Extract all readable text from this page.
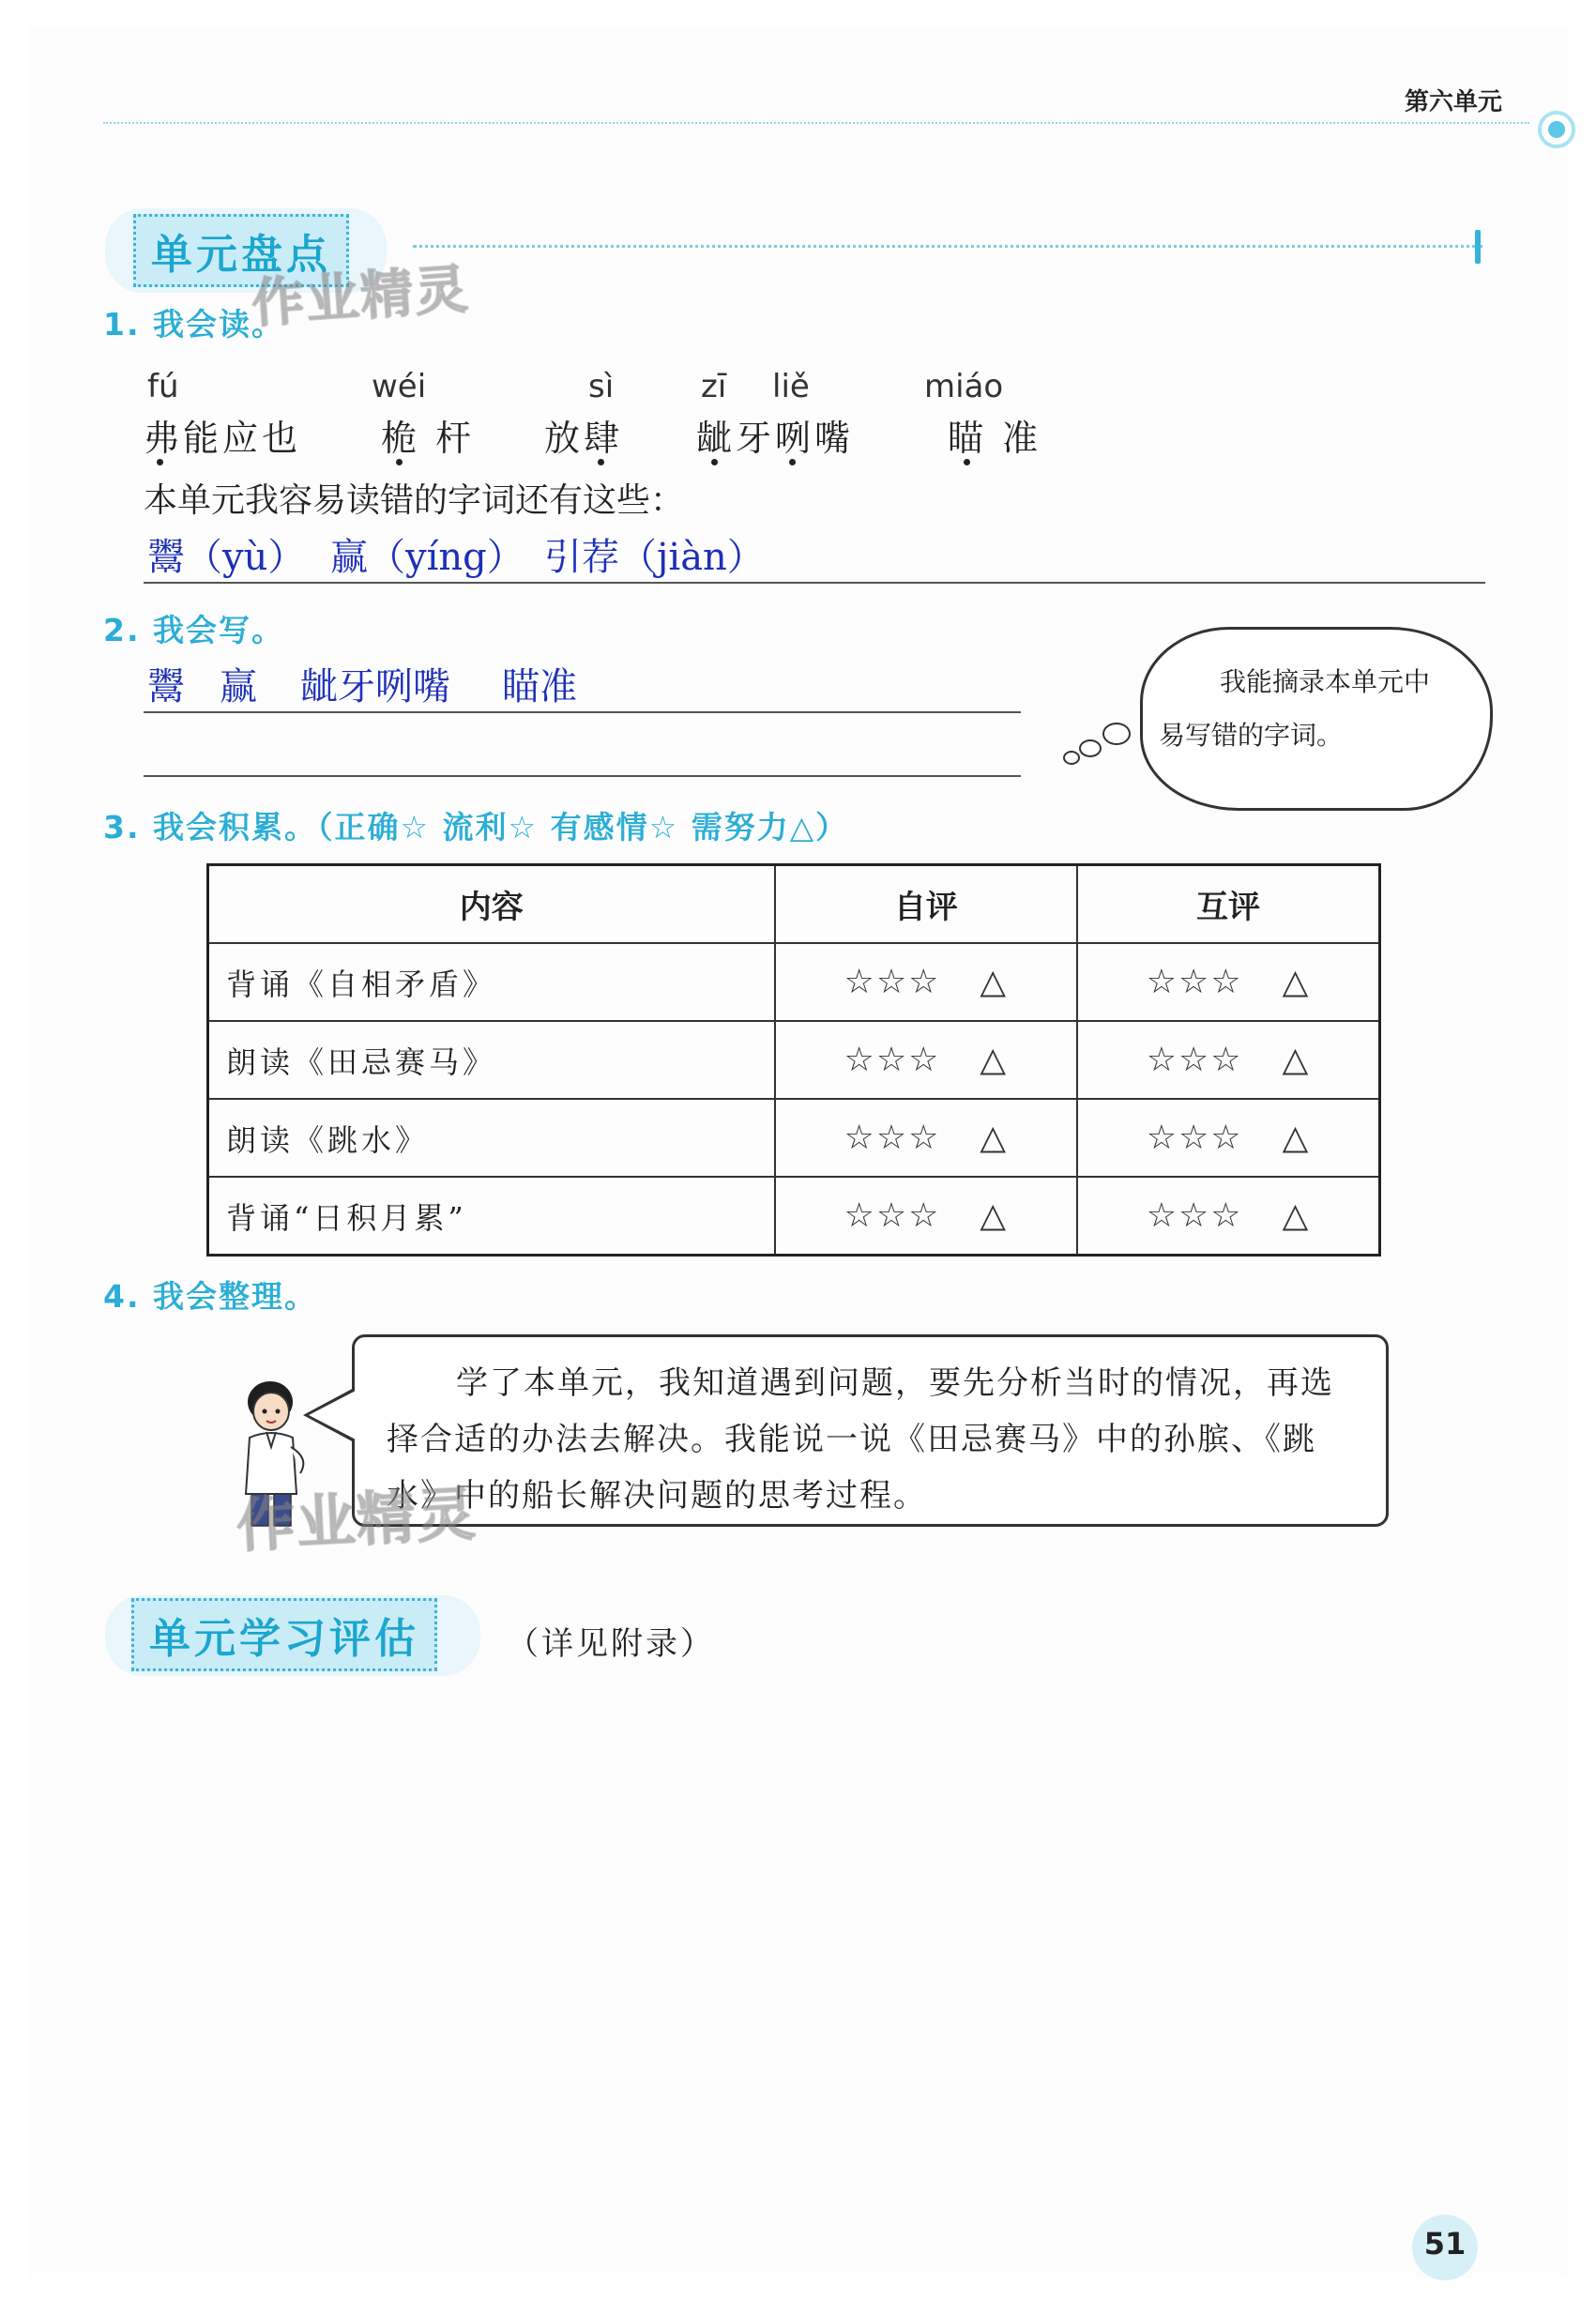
第六单元
单元盘点
作业精灵
1. 我会读。
fú	wéi	sì	zī liě	miáo
弗能应也 桅 杆 放肆 龇牙咧嘴	瞄 准
本单元我容易读错的字词还有这些：
鬻（yù） 赢（yíng） 引荐（jiàn）
2. 我会写。
鬻 赢 龇牙咧嘴 瞄准	我能摘录本单元中
易写错的字词。
3. 我会积累。（正确☆ 流利☆ 有感情☆ 需努力△）
内容	自评	互评
背诵《自相矛盾》	☆☆☆ △	☆☆☆ △
朗读《田忌赛马》	☆☆☆ △	☆☆☆ △
朗读《跳水》	☆☆☆ △	☆☆☆ △
背诵“日积月累”	☆☆☆ △	☆☆☆ △
4. 我会整理。
学了本单元，我知道遇到问题，要先分析当时的情况，再选
择合适的办法去解决。我能说一说《田忌赛马》中的孙膑、《跳
水》中的船长解决问题的思考过程。
作业精灵
单元学习评估	（详见附录）
51
